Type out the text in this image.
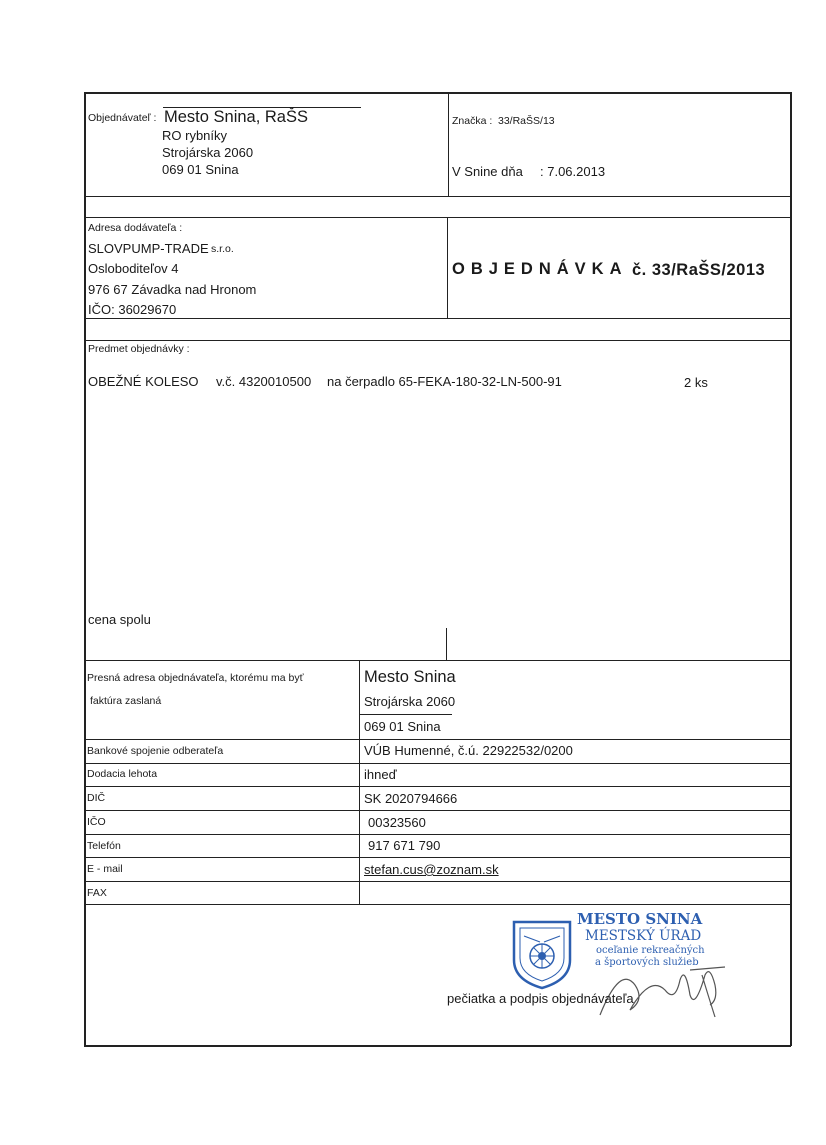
Objednávateľ : Mesto Snina, RaŠS
RO rybníky
Strojárska 2060
069 01 Snina
Značka : 33/RaŠS/13
V Snine dňa : 7.06.2013
Adresa dodávateľa :
SLOVPUMP-TRADE s.r.o.
Osloboditeľov 4
976 67 Závadka nad Hronom
IČO: 36029670
OBJEDNÁVKA č. 33/RaŠS/2013
Predmet objednávky :
OBEŽNÉ KOLESO v.č. 4320010500 na čerpadlo 65-FEKA-180-32-LN-500-91	2 ks
cena spolu
Presná adresa objednávateľa, ktorému ma byť
faktúra zaslaná
Mesto Snina
Strojárska 2060
069 01 Snina
Bankové spojenie odberateľa	VÚB Humenné, č.ú. 22922532/0200
Dodacia lehota	ihneď
DIČ	SK 2020794666
IČO	00323560
Telefón	917 671 790
E - mail	stefan.cus@zoznam.sk
FAX
MESTO SNINA
MESTSKÝ ÚRAD
oceľanie rekreačných
a športových služieb
pečiatka a podpis objednávateľa
